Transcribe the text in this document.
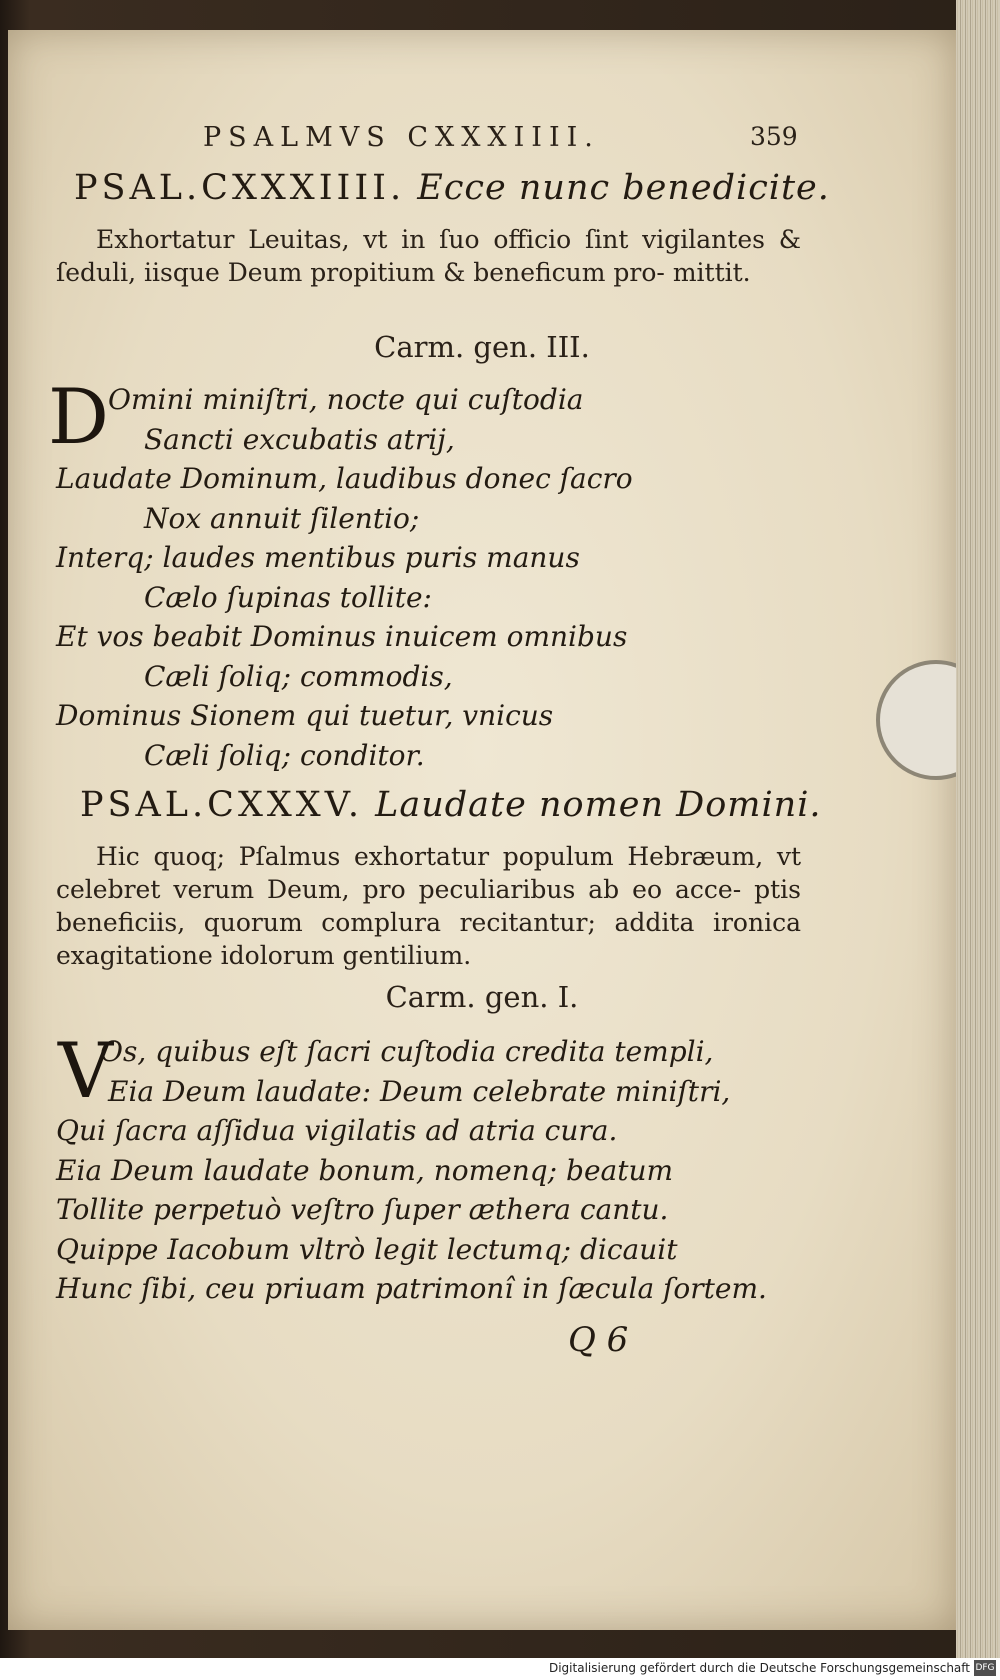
PSALMVS CXXXIIII.	359
PSAL.CXXXIIII. Ecce nunc benedicite.
Exhortatur Leuitas, vt in ſuo officio ſint vigilantes & ſeduli, iisque Deum propitium & beneficum pro‑ mittit.
Carm. gen. III.
D Omini miniſtri, nocte qui cuſtodia
Sancti excubatis atrij,
Laudate Dominum, laudibus donec ſacro
Nox annuit ſilentio;
Interq; laudes mentibus puris manus
Cælo ſupinas tollite:
Et vos beabit Dominus inuicem omnibus
Cæli ſoliq; commodis,
Dominus Sionem qui tuetur, vnicus
Cæli ſoliq; conditor.
PSAL.CXXXV. Laudate nomen Domini.
Hic quoq; Pſalmus exhortatur populum Hebræum, vt celebret verum Deum, pro peculiaribus ab eo acce‑ ptis beneficiis, quorum complura recitantur; addita ironica exagitatione idolorum gentilium.
Carm. gen. I.
V
Os, quibus eſt ſacri cuſtodia credita templi,
Eia Deum laudate: Deum celebrate miniſtri,
Qui ſacra aſſidua vigilatis ad atria cura.
Eia Deum laudate bonum, nomenq; beatum
Tollite perpetuò veſtro ſuper æthera cantu.
Quippe Iacobum vltrò legit lectumq; dicauit
Hunc ſibi, ceu priuam patrimonî in ſæcula ſortem.
Q 6
Digitalisierung gefördert durch die Deutsche Forschungsgemeinschaft DFG
